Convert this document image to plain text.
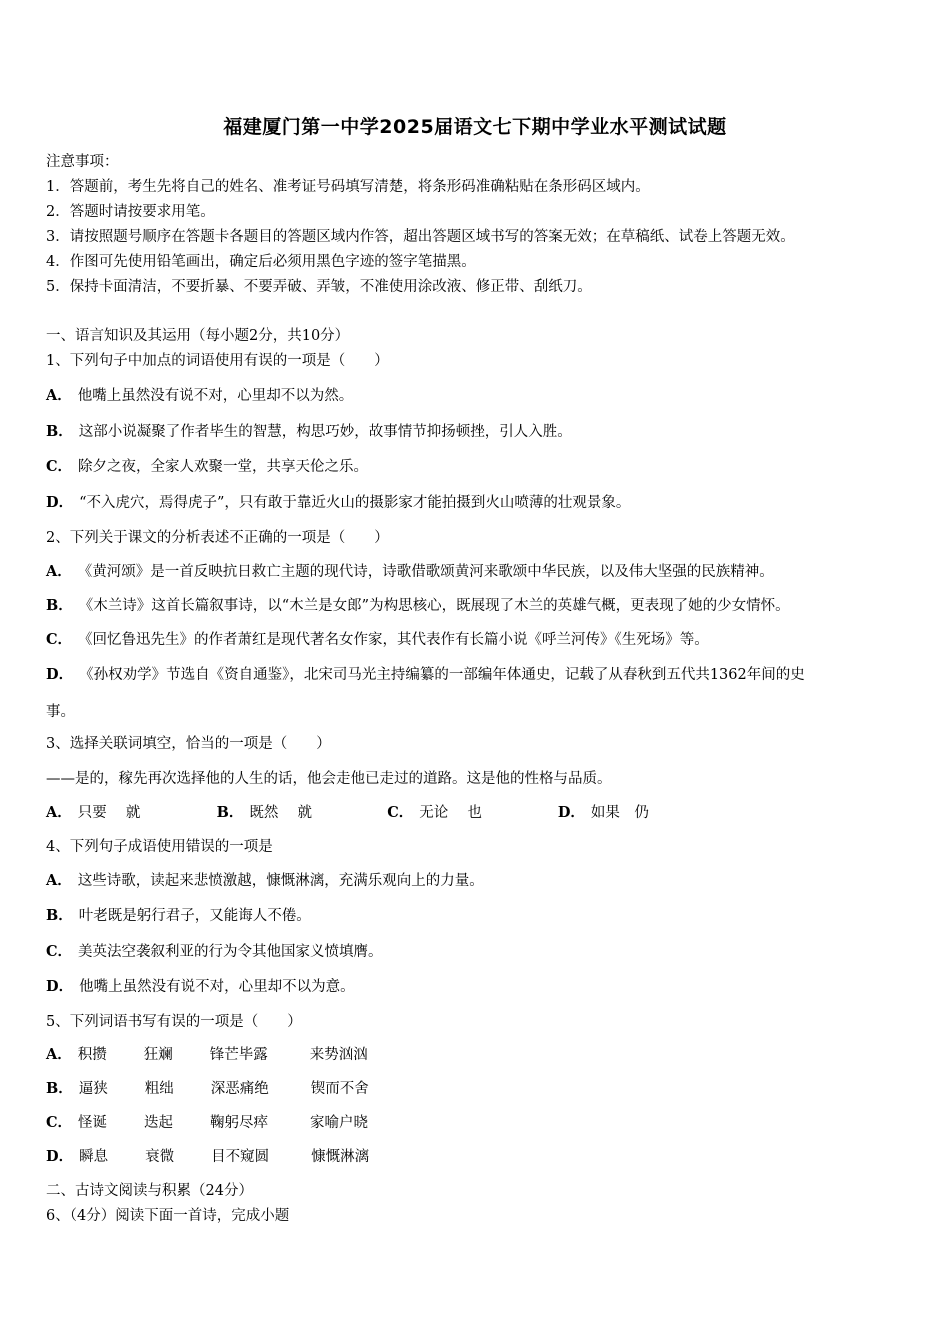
福建厦门第一中学2025届语文七下期中学业水平测试试题
注意事项：
1．答题前，考生先将自己的姓名、准考证号码填写清楚，将条形码准确粘贴在条形码区域内。
2．答题时请按要求用笔。
3．请按照题号顺序在答题卡各题目的答题区域内作答，超出答题区域书写的答案无效；在草稿纸、试卷上答题无效。
4．作图可先使用铅笔画出，确定后必须用黑色字迹的签字笔描黑。
5．保持卡面清洁，不要折暴、不要弄破、弄皱，不准使用涂改液、修正带、刮纸刀。
一、语言知识及其运用（每小题2分，共10分）
1、下列句子中加点的词语使用有误的一项是（　　）
A． 他嘴上虽然没有说不对，心里却不以为然。
B． 这部小说凝聚了作者毕生的智慧，构思巧妙，故事情节抑扬顿挫，引人入胜。
C． 除夕之夜，全家人欢聚一堂，共享天伦之乐。
D． “不入虎穴，焉得虎子”，只有敢于靠近火山的摄影家才能拍摄到火山喷薄的壮观景象。
2、下列关于课文的分析表述不正确的一项是（　　）
A． 《黄河颂》是一首反映抗日救亡主题的现代诗，诗歌借歌颂黄河来歌颂中华民族，以及伟大坚强的民族精神。
B． 《木兰诗》这首长篇叙事诗，以“木兰是女郎”为构思核心，既展现了木兰的英雄气概，更表现了她的少女情怀。
C． 《回忆鲁迅先生》的作者萧红是现代著名女作家，其代表作有长篇小说《呼兰河传》《生死场》等。
D． 《孙权劝学》节选自《资自通鉴》，北宋司马光主持编纂的一部编年体通史，记载了从春秋到五代共1362年间的史
事。
3、选择关联词填空，恰当的一项是（　　）
——是的，稼先再次选择他的人生的话，他会走他已走过的道路。这是他的性格与品质。
A． 只要　 就	B． 既然　 就	C． 无论　 也	D． 如果　仍
4、下列句子成语使用错误的一项是
A． 这些诗歌，读起来悲愤激越，慷慨淋漓，充满乐观向上的力量。
B． 叶老既是躬行君子，又能诲人不倦。
C． 美英法空袭叙利亚的行为令其他国家义愤填膺。
D． 他嘴上虽然没有说不对，心里却不以为意。
5、下列词语书写有误的一项是（　　）
A． 积攒	狂斓	锋芒毕露	来势汹汹
B． 逼狭	粗绌	深恶痛绝	锲而不舍
C． 怪诞	迭起	鞠躬尽瘁	家喻户晓
D． 瞬息	衰微	目不窥圆	慷慨淋漓
二、古诗文阅读与积累（24分）
6、（4分）阅读下面一首诗，完成小题
